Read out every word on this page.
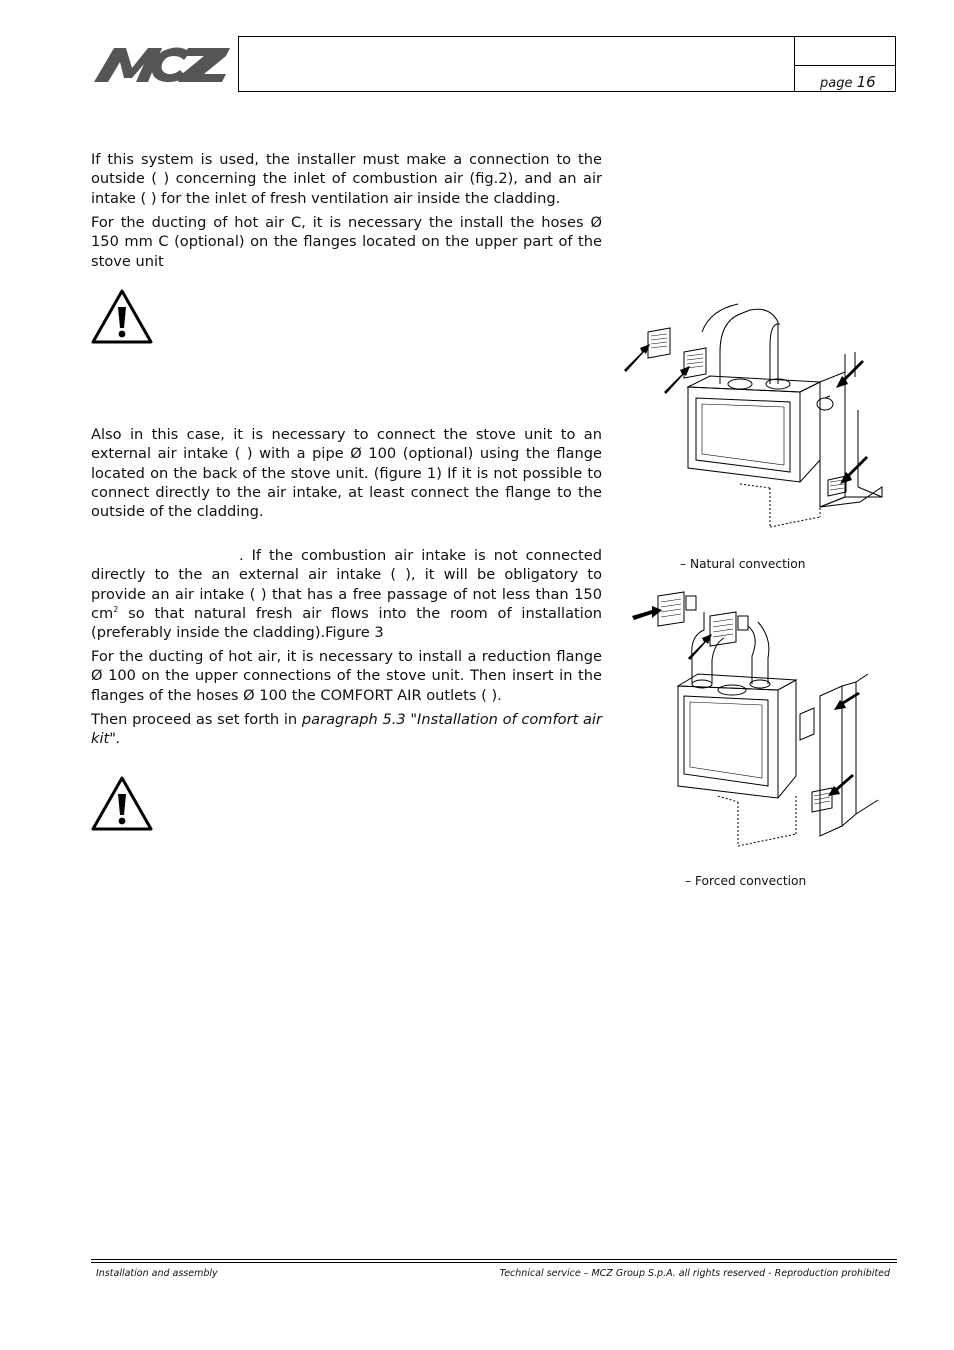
page 16

If this system is used, the installer must make a connection to the outside ( ) concerning the inlet of combustion air (fig.2), and an air intake ( ) for the inlet of fresh ventilation air inside the cladding.

For the ducting of hot air C, it is necessary the install the hoses Ø 150 mm C (optional) on the flanges located on the upper part of the stove unit

Also in this case, it is necessary to connect the stove unit to an external air intake ( ) with a pipe Ø 100 (optional) using the flange located on the back of the stove unit. (figure 1) If it is not possible to connect directly to the air intake, at least connect the flange to the outside of the cladding.

. If the combustion air intake is not connected directly to the an external air intake ( ), it will be obligatory to provide an air intake ( ) that has a free passage of not less than 150 $cm^2$ so that natural fresh air flows into the room of installation (preferably inside the cladding).Figure 3

For the ducting of hot air, it is necessary to install a reduction flange Ø 100 on the upper connections of the stove unit. Then insert in the flanges of the hoses Ø 100 the COMFORT AIR outlets ( ).

Then proceed as set forth in paragraph 5.3 "Installation of comfort air kit".

– Natural convection
– Forced convection
Installation and assembly	Technical service – MCZ Group S.p.A. all rights reserved - Reproduction prohibited
